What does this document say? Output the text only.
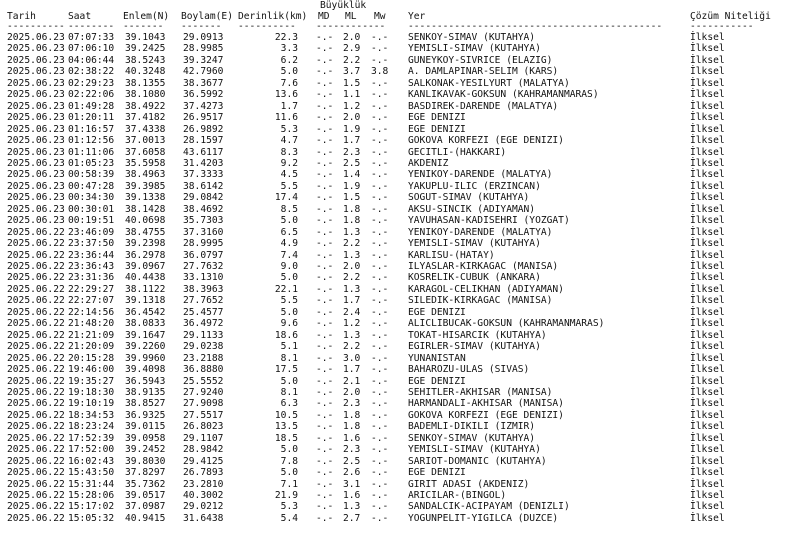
Büyüklük
Tarih	Saat	Enlem(N) Boylam(E) Derinlik(km) MD ML Mw Yer	Çözüm Niteliği
---------- -------- ------- ------- ---------- ------------ --------------------------------------------	-----------
2025.06.23 07:07:33 39.1043 29.0913	22.3 -.- 2.0 -.- SENKOY-SIMAV (KUTAHYA)	İlksel
2025.06.23 07:06:10 39.2425 28.9985	3.3 -.- 2.9 -.- YEMISLI-SIMAV (KUTAHYA)	İlksel
2025.06.23 04:06:44 38.5243 39.3247	6.2 -.- 2.2 -.- GUNEYKOY-SIVRICE (ELAZIG)	İlksel
2025.06.23 02:38:22 40.3248 42.7960	5.0 -.- 3.7 3.8 A. DAMLAPINAR-SELIM (KARS)	İlksel
2025.06.23 02:29:23 38.1355 38.3677	7.6 -.- 1.5 -.- SALKONAK-YESILYURT (MALATYA)	İlksel
2025.06.23 02:22:06 38.1080 36.5992	13.6 -.- 1.1 -.- KANLIKAVAK-GOKSUN (KAHRAMANMARAS)	İlksel
2025.06.23 01:49:28 38.4922 37.4273	1.7 -.- 1.2 -.- BASDIREK-DARENDE (MALATYA)	İlksel
2025.06.23 01:20:11 37.4182 26.9517	11.6 -.- 2.0 -.- EGE DENIZI	İlksel
2025.06.23 01:16:57 37.4338 26.9892	5.3 -.- 1.9 -.- EGE DENIZI	İlksel
2025.06.23 01:12:56 37.0013 28.1597	4.7 -.- 1.7 -.- GOKOVA KORFEZI (EGE DENIZI)	İlksel
2025.06.23 01:11:06 37.6058 43.6117	8.3 -.- 2.3 -.- GECITLI-(HAKKARI)	İlksel
2025.06.23 01:05:23 35.5958 31.4203	9.2 -.- 2.5 -.- AKDENIZ	İlksel
2025.06.23 00:58:39 38.4963 37.3333	4.5 -.- 1.4 -.- YENIKOY-DARENDE (MALATYA)	İlksel
2025.06.23 00:47:28 39.3985 38.6142	5.5 -.- 1.9 -.- YAKUPLU-ILIC (ERZINCAN)	İlksel
2025.06.23 00:34:30 39.1338 29.0842	17.4 -.- 1.5 -.- SOGUT-SIMAV (KUTAHYA)	İlksel
2025.06.23 00:30:01 38.1428 38.4692	8.5 -.- 1.8 -.- AKSU-SINCIK (ADIYAMAN)	İlksel
2025.06.23 00:19:51 40.0698 35.7303	5.0 -.- 1.8 -.- YAVUHASAN-KADISEHRI (YOZGAT)	İlksel
2025.06.22 23:46:09 38.4755 37.3160	6.5 -.- 1.3 -.- YENIKOY-DARENDE (MALATYA)	İlksel
2025.06.22 23:37:50 39.2398 28.9995	4.9 -.- 2.2 -.- YEMISLI-SIMAV (KUTAHYA)	İlksel
2025.06.22 23:36:44 36.2978 36.0797	7.4 -.- 1.3 -.- KARLISU-(HATAY)	İlksel
2025.06.22 23:36:43 39.0967 27.7632	9.0 -.- 2.0 -.- ILYASLAR-KIRKAGAC (MANISA)	İlksel
2025.06.22 23:31:36 40.4438 33.1310	5.0 -.- 2.2 -.- KOSRELIK-CUBUK (ANKARA)	İlksel
2025.06.22 22:29:27 38.1122 38.3963	22.1 -.- 1.3 -.- KARAGOL-CELIKHAN (ADIYAMAN)	İlksel
2025.06.22 22:27:07 39.1318 27.7652	5.5 -.- 1.7 -.- SILEDIK-KIRKAGAC (MANISA)	İlksel
2025.06.22 22:14:56 36.4542 25.4577	5.0 -.- 2.4 -.- EGE DENIZI	İlksel
2025.06.22 21:48:20 38.0833 36.4972	9.6 -.- 1.2 -.- ALICLIBUCAK-GOKSUN (KAHRAMANMARAS)	İlksel
2025.06.22 21:21:09 39.1647 29.1133	18.6 -.- 1.3 -.- TOKAT-HISARCIK (KUTAHYA)	İlksel
2025.06.22 21:20:09 39.2260 29.0238	5.1 -.- 2.2 -.- EGIRLER-SIMAV (KUTAHYA)	İlksel
2025.06.22 20:15:28 39.9960 23.2188	8.1 -.- 3.0 -.- YUNANISTAN	İlksel
2025.06.22 19:46:00 39.4098 36.8880	17.5 -.- 1.7 -.- BAHAROZU-ULAS (SIVAS)	İlksel
2025.06.22 19:35:27 36.5943 25.5552	5.0 -.- 2.1 -.- EGE DENIZI	İlksel
2025.06.22 19:18:30 38.9135 27.9240	8.1 -.- 2.0 -.- SEHITLER-AKHISAR (MANISA)	İlksel
2025.06.22 19:10:19 38.8527 27.9098	6.3 -.- 2.3 -.- HARMANDALI-AKHISAR (MANISA)	İlksel
2025.06.22 18:34:53 36.9325 27.5517	10.5 -.- 1.8 -.- GOKOVA KORFEZI (EGE DENIZI)	İlksel
2025.06.22 18:23:24 39.0115 26.8023	13.5 -.- 1.8 -.- BADEMLI-DIKILI (IZMIR)	İlksel
2025.06.22 17:52:39 39.0958 29.1107	18.5 -.- 1.6 -.- SENKOY-SIMAV (KUTAHYA)	İlksel
2025.06.22 17:52:00 39.2452 28.9842	5.0 -.- 2.3 -.- YEMISLI-SIMAV (KUTAHYA)	İlksel
2025.06.22 16:02:43 39.8030 29.4125	7.8 -.- 2.5 -.- SARIOT-DOMANIC (KUTAHYA)	İlksel
2025.06.22 15:43:50 37.8297 26.7893	5.0 -.- 2.6 -.- EGE DENIZI	İlksel
2025.06.22 15:31:44 35.7362 23.2810	7.1 -.- 3.1 -.- GIRIT ADASI (AKDENIZ)	İlksel
2025.06.22 15:28:06 39.0517 40.3002	21.9 -.- 1.6 -.- ARICILAR-(BINGOL)	İlksel
2025.06.22 15:17:02 37.0987 29.0212	5.3 -.- 1.3 -.- SANDALCIK-ACIPAYAM (DENIZLI)	İlksel
2025.06.22 15:05:32 40.9415 31.6438	5.4 -.- 2.7 -.- YOGUNPELIT-YIGILCA (DUZCE)	İlksel
